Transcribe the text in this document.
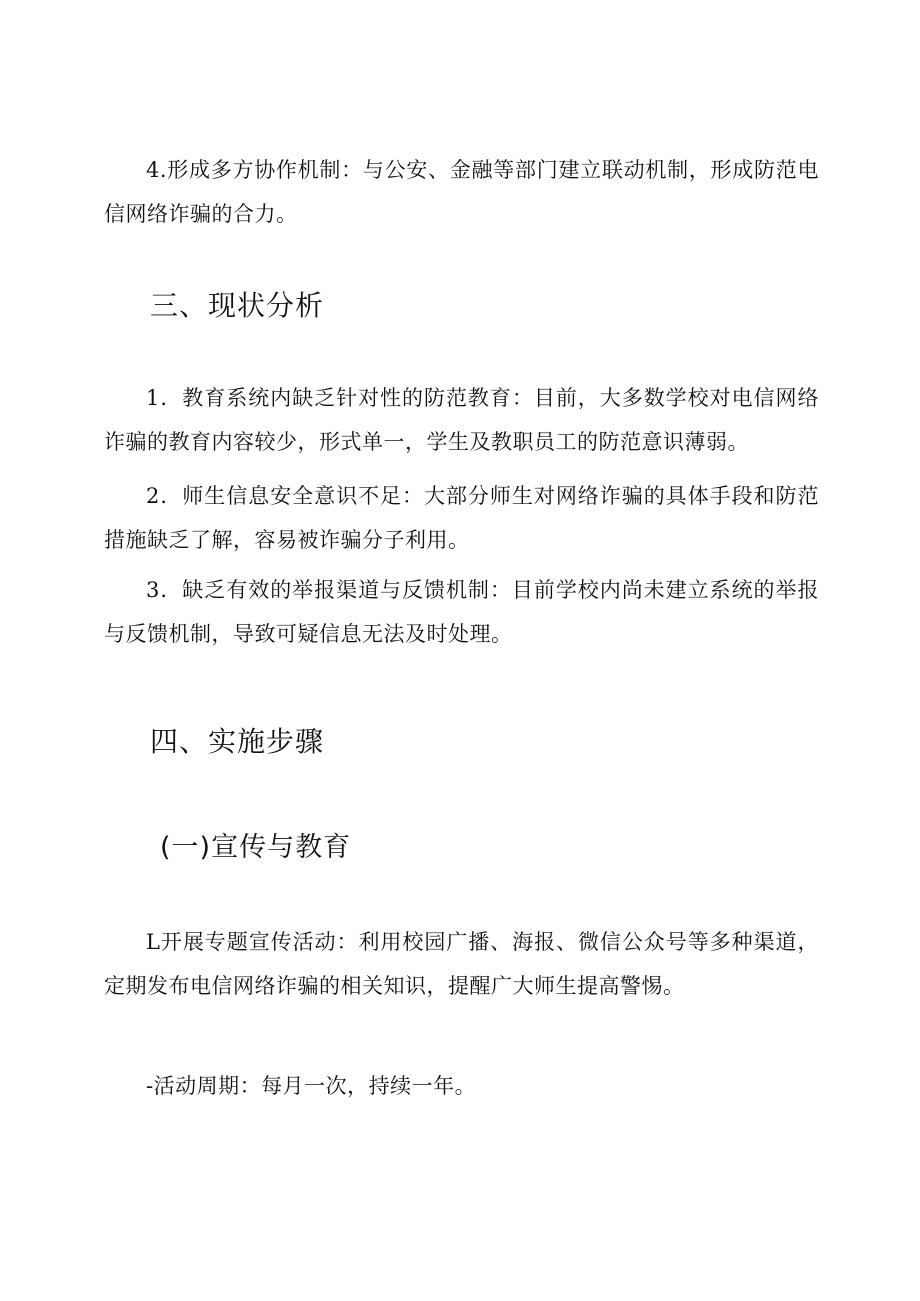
4.形成多方协作机制：与公安、金融等部门建立联动机制，形成防范电信网络诈骗的合力。

三、现状分析

1．教育系统内缺乏针对性的防范教育：目前，大多数学校对电信网络诈骗的教育内容较少，形式单一，学生及教职员工的防范意识薄弱。

2．师生信息安全意识不足：大部分师生对网络诈骗的具体手段和防范措施缺乏了解，容易被诈骗分子利用。

3．缺乏有效的举报渠道与反馈机制：目前学校内尚未建立系统的举报与反馈机制，导致可疑信息无法及时处理。

四、实施步骤
(一)宣传与教育

L开展专题宣传活动：利用校园广播、海报、微信公众号等多种渠道，定期发布电信网络诈骗的相关知识，提醒广大师生提高警惕。

-活动周期：每月一次，持续一年。
